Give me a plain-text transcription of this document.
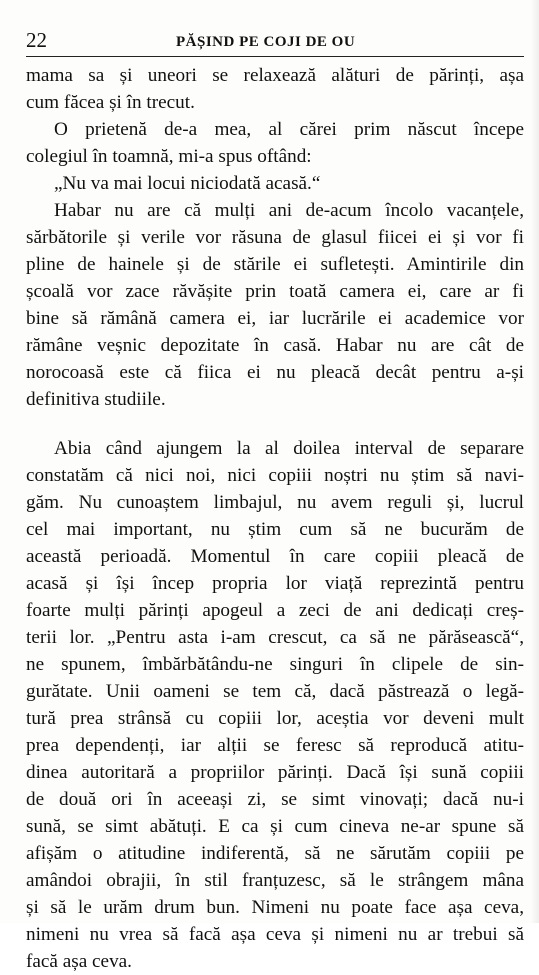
22	PĂȘIND PE COJI DE OU
mama sa și uneori se relaxează alături de părinți, așa
cum făcea și în trecut.
O prietenă de-a mea, al cărei prim născut începe
colegiul în toamnă, mi-a spus oftând:
„Nu va mai locui niciodată acasă.“
Habar nu are că mulți ani de-acum încolo vacanțele,
sărbătorile și verile vor răsuna de glasul fiicei ei și vor fi
pline de hainele și de stările ei sufletești. Amintirile din
școală vor zace răvășite prin toată camera ei, care ar fi
bine să rămână camera ei, iar lucrările ei academice vor
rămâne veșnic depozitate în casă. Habar nu are cât de
norocoasă este că fiica ei nu pleacă decât pentru a-și
definitiva studiile.
Abia când ajungem la al doilea interval de separare
constatăm că nici noi, nici copiii noștri nu știm să navi-
găm. Nu cunoaștem limbajul, nu avem reguli și, lucrul
cel mai important, nu știm cum să ne bucurăm de
această perioadă. Momentul în care copiii pleacă de
acasă și își încep propria lor viață reprezintă pentru
foarte mulți părinți apogeul a zeci de ani dedicați creș-
terii lor. „Pentru asta i-am crescut, ca să ne părăsească“,
ne spunem, îmbărbătându-ne singuri în clipele de sin-
gurătate. Unii oameni se tem că, dacă păstrează o legă-
tură prea strânsă cu copiii lor, aceștia vor deveni mult
prea dependenți, iar alții se feresc să reproducă atitu-
dinea autoritară a propriilor părinți. Dacă își sună copiii
de două ori în aceeași zi, se simt vinovați; dacă nu-i
sună, se simt abătuți. E ca și cum cineva ne-ar spune să
afișăm o atitudine indiferentă, să ne sărutăm copiii pe
amândoi obrajii, în stil franțuzesc, să le strângem mâna
și să le urăm drum bun. Nimeni nu poate face așa ceva,
nimeni nu vrea să facă așa ceva și nimeni nu ar trebui să
facă așa ceva.
